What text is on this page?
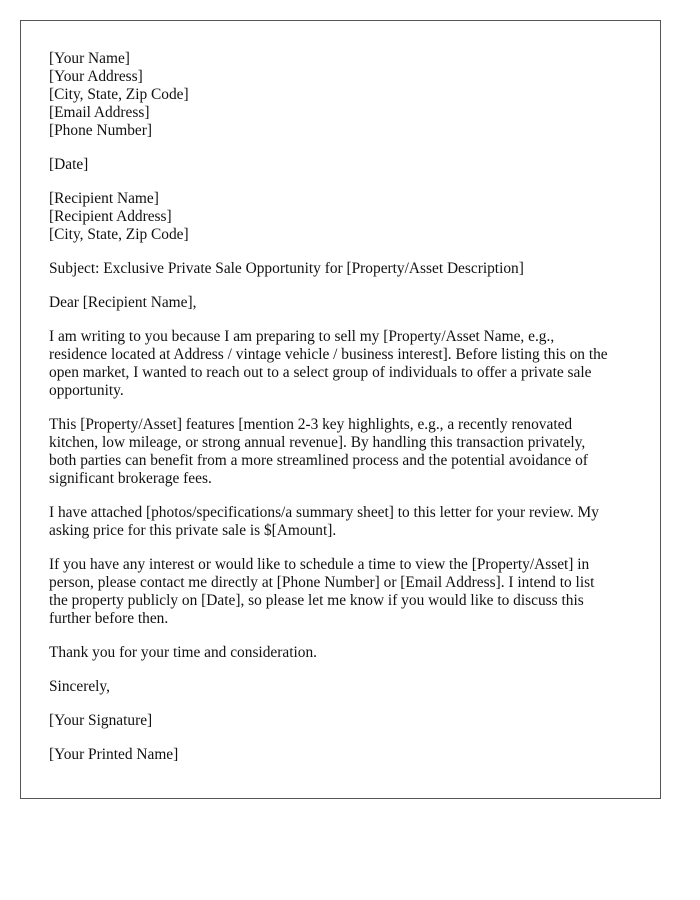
[Your Name]
[Your Address]
[City, State, Zip Code]
[Email Address]
[Phone Number]
[Date]
[Recipient Name]
[Recipient Address]
[City, State, Zip Code]
Subject: Exclusive Private Sale Opportunity for [Property/Asset Description]
Dear [Recipient Name],
I am writing to you because I am preparing to sell my [Property/Asset Name, e.g.,
residence located at Address / vintage vehicle / business interest]. Before listing this on the
open market, I wanted to reach out to a select group of individuals to offer a private sale
opportunity.
This [Property/Asset] features [mention 2-3 key highlights, e.g., a recently renovated
kitchen, low mileage, or strong annual revenue]. By handling this transaction privately,
both parties can benefit from a more streamlined process and the potential avoidance of
significant brokerage fees.
I have attached [photos/specifications/a summary sheet] to this letter for your review. My
asking price for this private sale is $[Amount].
If you have any interest or would like to schedule a time to view the [Property/Asset] in
person, please contact me directly at [Phone Number] or [Email Address]. I intend to list
the property publicly on [Date], so please let me know if you would like to discuss this
further before then.
Thank you for your time and consideration.
Sincerely,
[Your Signature]
[Your Printed Name]
